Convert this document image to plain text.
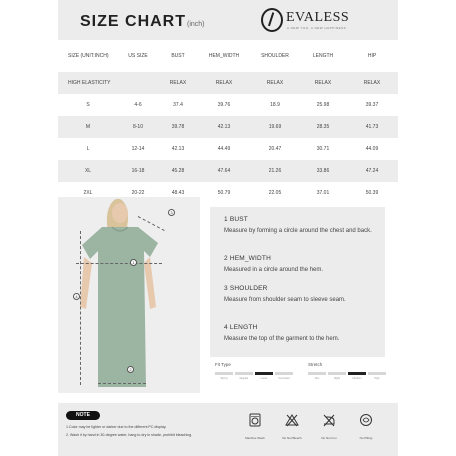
SIZE CHART(inch)	EVALESS
A NEW YOU, A NEW HAPPINESS
SIZE (UNIT:INCH)	US SIZE	BUST	HEM_WIDTH	SHOULDER	LENGTH	HIP
HIGH ELASTICITY		RELAX	RELAX	RELAX	RELAX	RELAX
S	4-6	37.4	39.76	18.9	25.98	39.37
M	8-10	39.78	42.13	19.69	28.35	41.73
L	12-14	42.13	44.49	20.47	30.71	44.09
XL	16-18	45.28	47.64	21.26	33.86	47.24
2XL	20-22	48.43	50.79	22.05	37.01	50.39
1
2
3
4
1 BUST
Measure by forming a circle around the chest and back.
2 HEM_WIDTH
Measured in a circle around the hem.
3 SHOULDER
Measure from shoulder seam to sleeve seam.
4 LENGTH
Measure the top of the garment to the hem.
Fit Type
Skinny	Regular	Loose	Oversized
Stretch
Non	Slight	Medium	High
NOTE
1.Color may be lighter or darker due to the different PC display.
2. Wash it by hand in 30-degree water, hang to dry in shade, prohibit bleaching.
Machine Wash	Do Not Bleach	Do Not Iron	No Pilling
